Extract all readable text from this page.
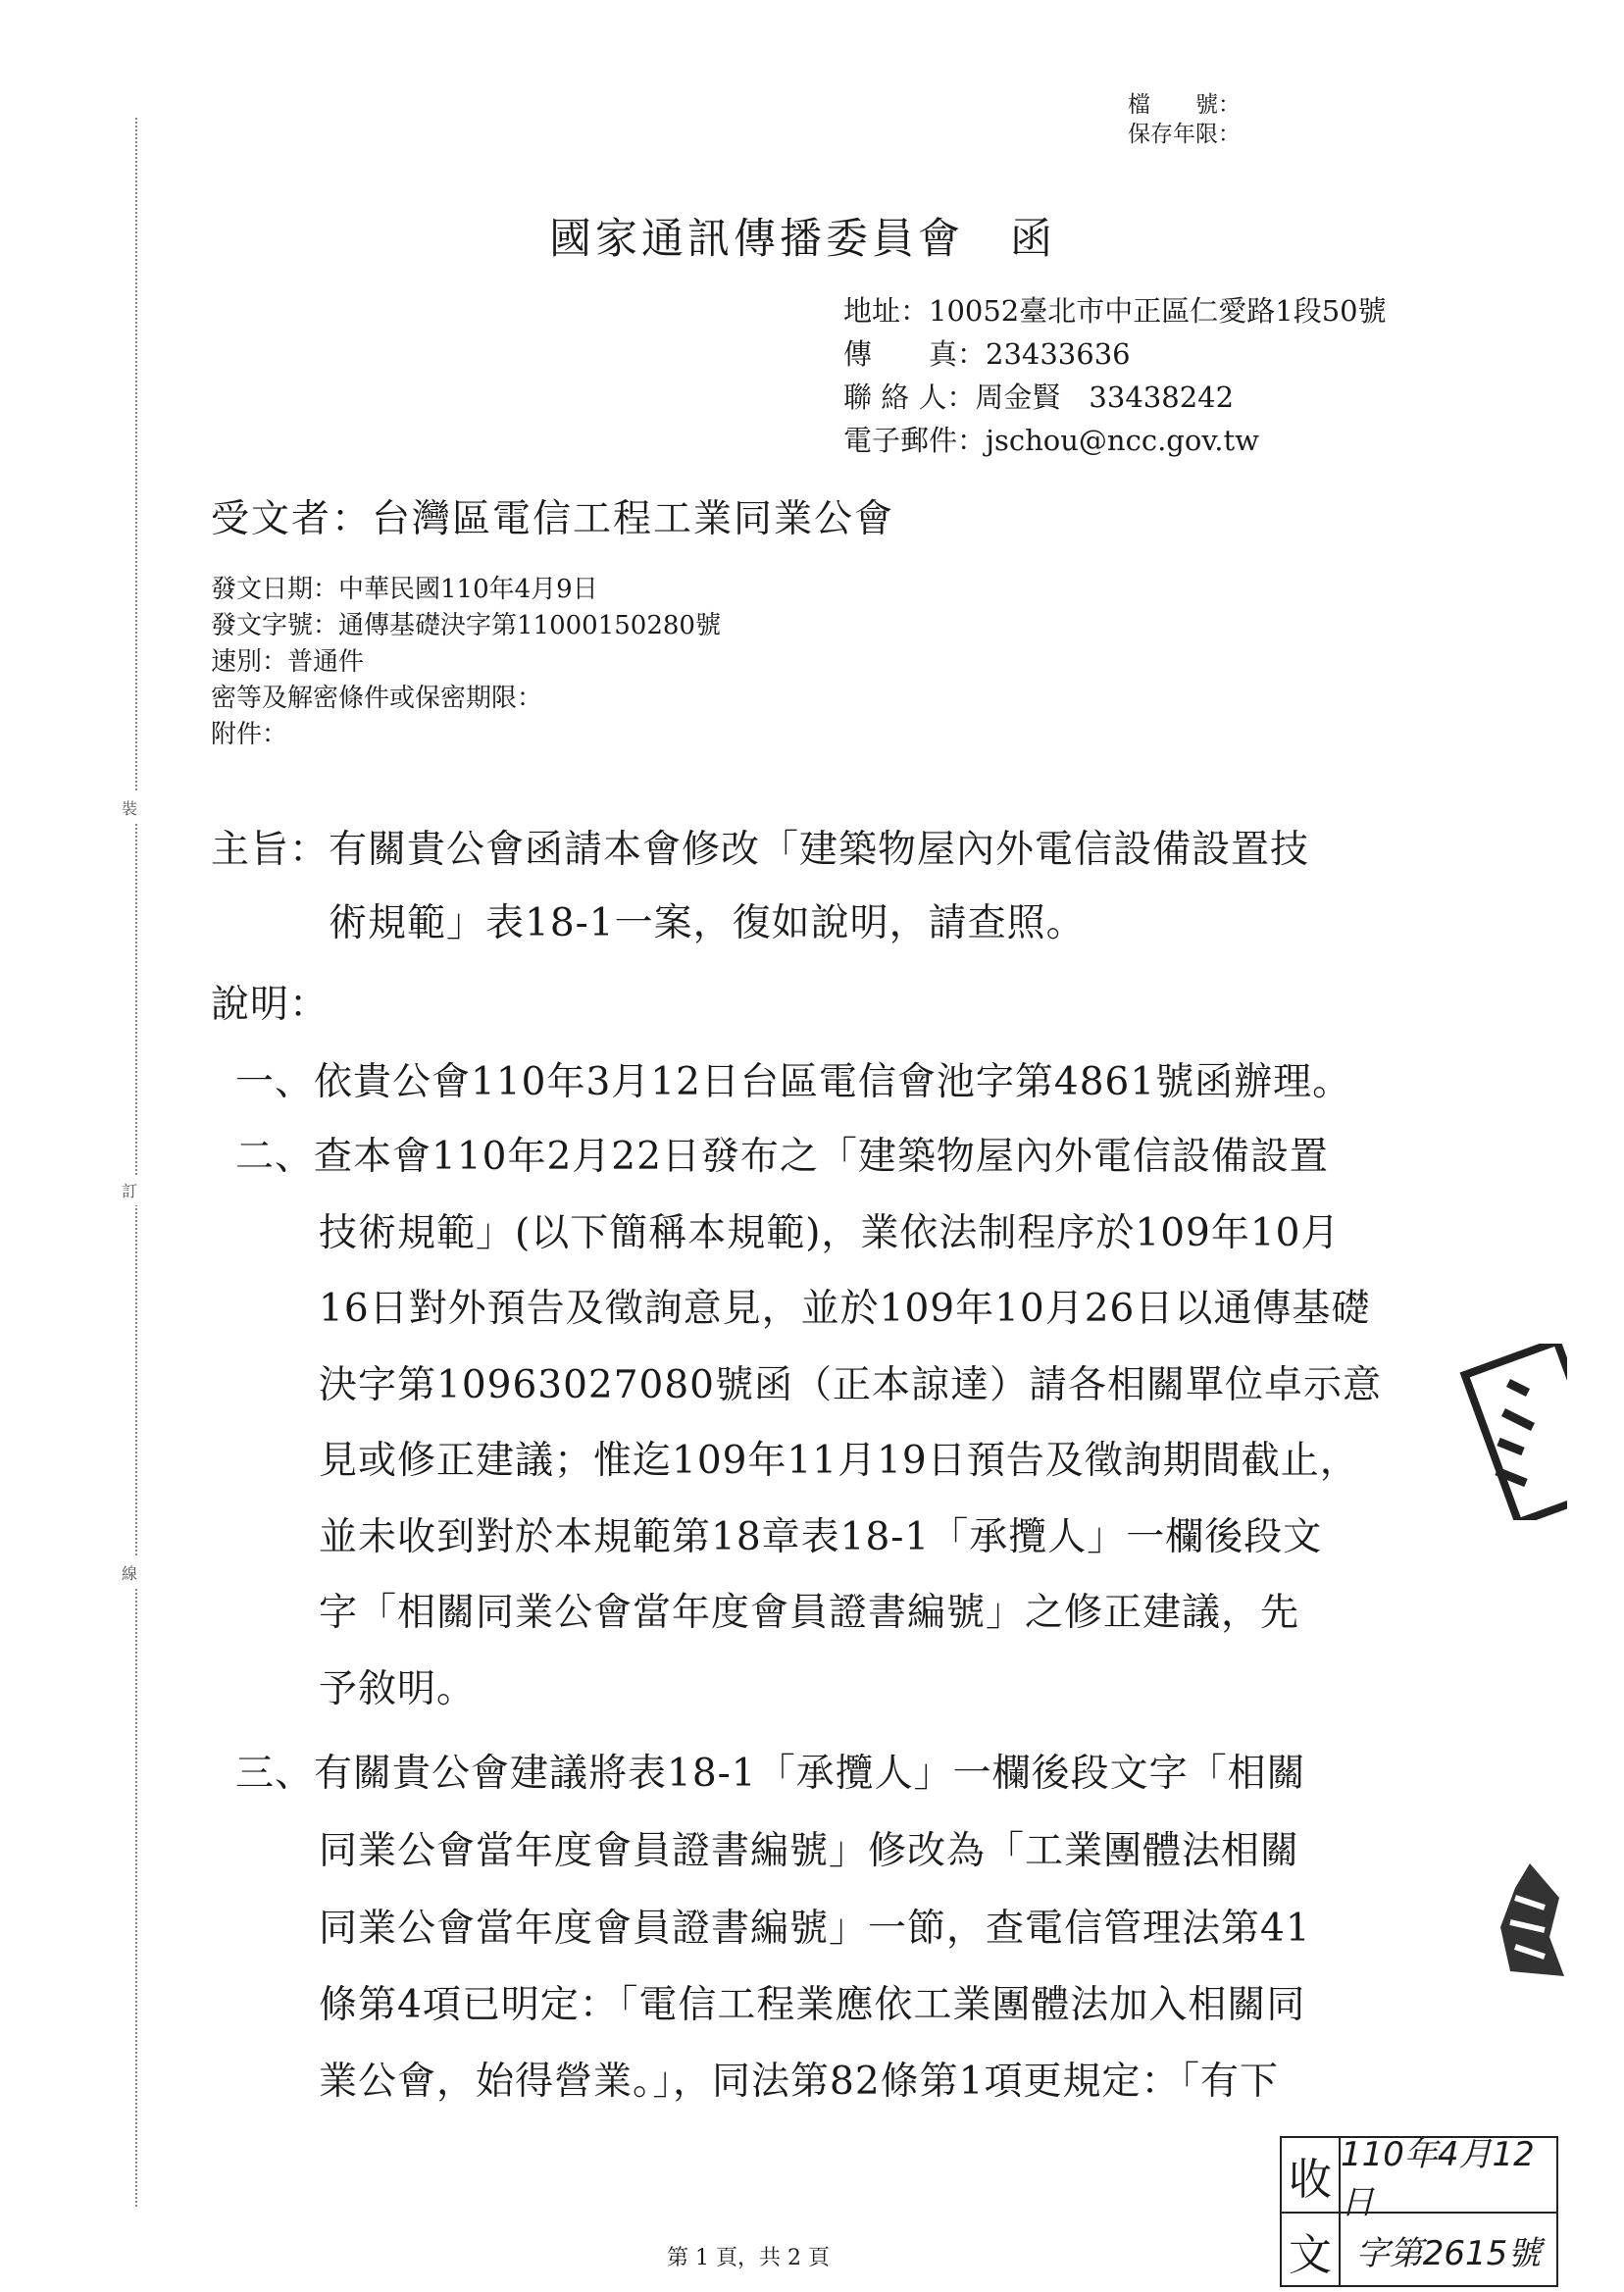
裝
訂
線
檔　　號：
保存年限：
國家通訊傳播委員會　函
地址：10052臺北市中正區仁愛路1段50號
傳　　真：23433636
聯 絡 人：周金賢　33438242
電子郵件：jschou@ncc.gov.tw
受文者：台灣區電信工程工業同業公會
發文日期：中華民國110年4月9日
發文字號：通傳基礎決字第11000150280號
速別：普通件
密等及解密條件或保密期限：
附件：
主旨：有關貴公會函請本會修改「建築物屋內外電信設備設置技
術規範」表18-1一案，復如說明，請查照。
說明：
一、依貴公會110年3月12日台區電信會池字第4861號函辦理。
二、查本會110年2月22日發布之「建築物屋內外電信設備設置
技術規範」(以下簡稱本規範)，業依法制程序於109年10月
16日對外預告及徵詢意見，並於109年10月26日以通傳基礎
決字第10963027080號函（正本諒達）請各相關單位卓示意
見或修正建議；惟迄109年11月19日預告及徵詢期間截止，
並未收到對於本規範第18章表18-1「承攬人」一欄後段文
字「相關同業公會當年度會員證書編號」之修正建議，先
予敘明。
三、有關貴公會建議將表18-1「承攬人」一欄後段文字「相關
同業公會當年度會員證書編號」修改為「工業團體法相關
同業公會當年度會員證書編號」一節，查電信管理法第41
條第4項已明定：「電信工程業應依工業團體法加入相關同
業公會，始得營業。」，同法第82條第1項更規定：「有下
收 110年4月12日
文 字第2615號
第 1 頁，共 2 頁
